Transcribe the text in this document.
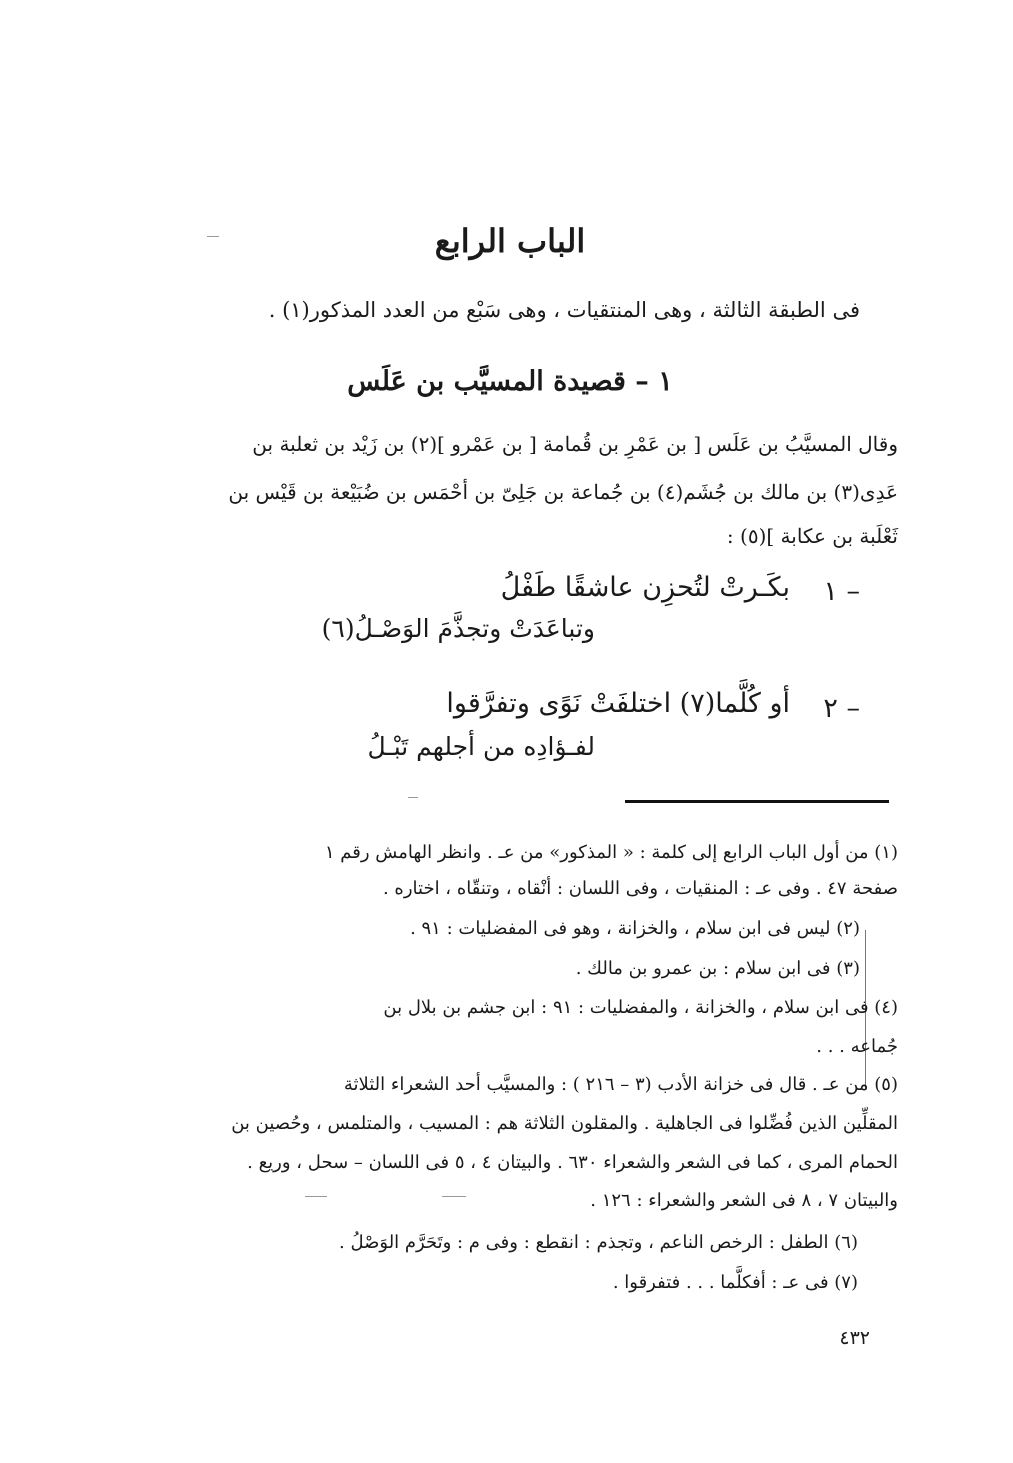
الباب الرابع
فى الطبقة الثالثة ، وهى المنتقيات ، وهى سَبْع من العدد المذكور(١) .
١ – قصيدة المسيَّب بن عَلَس
وقال المسيَّبُ بن عَلَس [ بن عَمْرِ بن قُمامة [ بن عَمْرو ](٢) بن زَيْد بن ثعلبة بن
عَدِى(٣) بن مالك بن جُشَم(٤) بن جُماعة بن جَلِىّ بن أحْمَس بن ضُبَيْعة بن قَيْس بن
ثَعْلَبة بن عكابة ](٥) :
١ –
بكَـرتْ لتُحزِن عاشقًا طَفْلُ
وتباعَدَتْ وتجذَّمَ الوَصْـلُ(٦)
٢ –
أو كُلَّما(٧) اختلفَتْ نَوًى وتفرَّقوا
لفـؤادِه من أجلهم تَبْـلُ
(١) من أول الباب الرابع إلى كلمة : « المذكور» من عـ . وانظر الهامش رقم ١
صفحة ٤٧ . وفى عـ : المنقيات ، وفى اللسان : أنْقاه ، وتنقّاه ، اختاره .
(٢) ليس فى ابن سلام ، والخزانة ، وهو فى المفضليات : ٩١ .
(٣) فى ابن سلام : بن عمرو بن مالك .
(٤) فى ابن سلام ، والخزانة ، والمفضليات : ٩١ : ابن جشم بن بلال بن
جُماعه . . .
(٥) من عـ . قال فى خزانة الأدب (٣ – ٢١٦ ) : والمسيَّب أحد الشعراء الثلاثة
المقلِّين الذين فُضِّلوا فى الجاهلية . والمقلون الثلاثة هم : المسيب ، والمتلمس ، وحُصين بن
الحمام المرى ، كما فى الشعر والشعراء ٦٣٠ . والبيتان ٤ ، ٥ فى اللسان – سحل ، وريع .
والبيتان ٧ ، ٨ فى الشعر والشعراء : ١٢٦ .
(٦) الطفل : الرخص الناعم ، وتجذم : انقطع : وفى م : وتَحَرَّم الوَصْلُ .
(٧) فى عـ : أفكلَّما . . . فتفرقوا .
٤٣٢
